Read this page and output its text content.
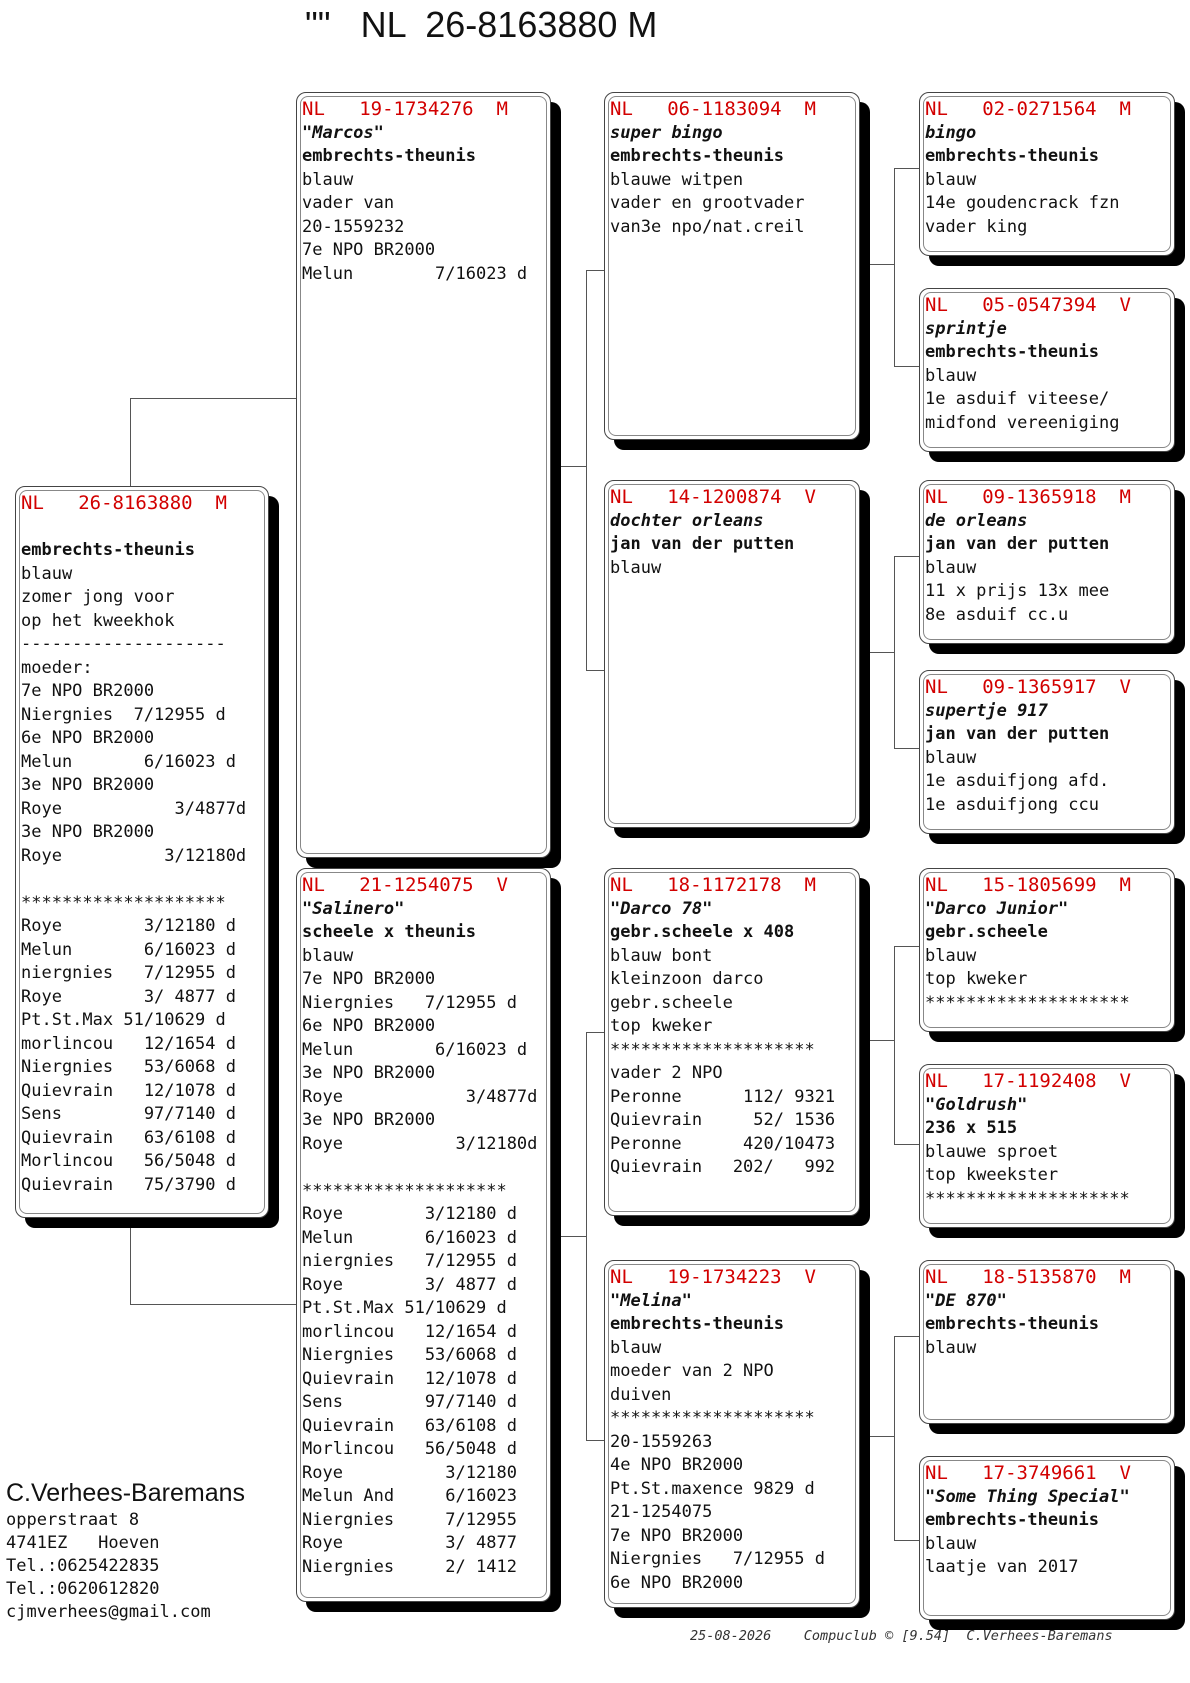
""   NL  26-8163880 M
NL   26-8163880  M
embrechts-theunis
blauw
zomer jong voor
op het kweekhok
--------------------
moeder:
7e NPO BR2000
Niergnies  7/12955 d
6e NPO BR2000
Melun       6/16023 d
3e NPO BR2000
Roye           3/4877d
3e NPO BR2000
Roye          3/12180d
********************
Roye        3/12180 d
Melun       6/16023 d
niergnies   7/12955 d
Roye        3/ 4877 d
Pt.St.Max 51/10629 d
morlincou   12/1654 d
Niergnies   53/6068 d
Quievrain   12/1078 d
Sens        97/7140 d
Quievrain   63/6108 d
Morlincou   56/5048 d
Quievrain   75/3790 d
NL   19-1734276  M
"Marcos"
embrechts-theunis
blauw
vader van
20-1559232
7e NPO BR2000
Melun        7/16023 d
NL   21-1254075  V
"Salinero"
scheele x theunis
blauw
7e NPO BR2000
Niergnies   7/12955 d
6e NPO BR2000
Melun        6/16023 d
3e NPO BR2000
Roye            3/4877d
3e NPO BR2000
Roye           3/12180d
********************
Roye        3/12180 d
Melun       6/16023 d
niergnies   7/12955 d
Roye        3/ 4877 d
Pt.St.Max 51/10629 d
morlincou   12/1654 d
Niergnies   53/6068 d
Quievrain   12/1078 d
Sens        97/7140 d
Quievrain   63/6108 d
Morlincou   56/5048 d
Roye          3/12180
Melun And     6/16023
Niergnies     7/12955
Roye          3/ 4877
Niergnies     2/ 1412
NL   06-1183094  M
super bingo
embrechts-theunis
blauwe witpen
vader en grootvader
van3e npo/nat.creil
NL   14-1200874  V
dochter orleans
jan van der putten
blauw
NL   18-1172178  M
"Darco 78"
gebr.scheele x 408
blauw bont
kleinzoon darco
gebr.scheele
top kweker
********************
vader 2 NPO
Peronne      112/ 9321
Quievrain     52/ 1536
Peronne      420/10473
Quievrain   202/   992
NL   19-1734223  V
"Melina"
embrechts-theunis
blauw
moeder van 2 NPO
duiven
********************
20-1559263
4e NPO BR2000
Pt.St.maxence 9829 d
21-1254075
7e NPO BR2000
Niergnies   7/12955 d
6e NPO BR2000
NL   02-0271564  M
bingo
embrechts-theunis
blauw
14e goudencrack fzn
vader king
NL   05-0547394  V
sprintje
embrechts-theunis
blauw
1e asduif viteese/
midfond vereeniging
NL   09-1365918  M
de orleans
jan van der putten
blauw
11 x prijs 13x mee
8e asduif cc.u
NL   09-1365917  V
supertje 917
jan van der putten
blauw
1e asduifjong afd.
1e asduifjong ccu
NL   15-1805699  M
"Darco Junior"
gebr.scheele
blauw
top kweker
********************
NL   17-1192408  V
"Goldrush"
236 x 515
blauwe sproet
top kweekster
********************
NL   18-5135870  M
"DE 870"
embrechts-theunis
blauw
NL   17-3749661  V
"Some Thing Special"
embrechts-theunis
blauw
laatje van 2017
C.Verhees-Baremans
opperstraat 8
4741EZ   Hoeven
Tel.:0625422835
Tel.:0620612820
cjmverhees@gmail.com
25-08-2026    Compuclub © [9.54]  C.Verhees-Baremans
